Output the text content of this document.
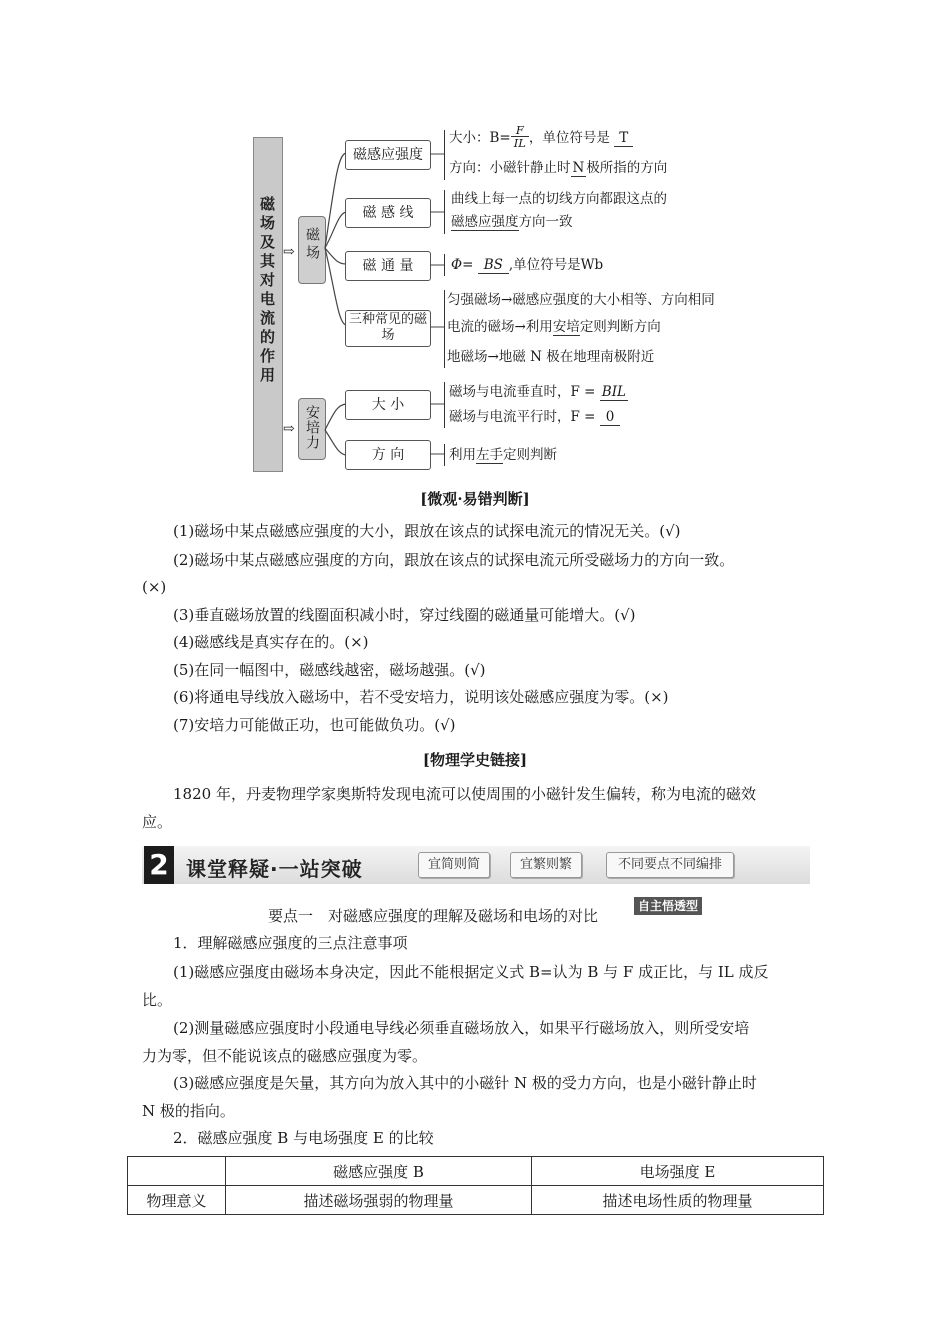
磁场及其对电流的作用 ⇨
⇨
磁场
安培力
磁感应强度
磁 感 线
磁 通 量
三种常见的磁场
大 小
方 向
大小：$B= \frac{F}{IL}$ ，单位符号是 T
方向：小磁针静止时 N 极所指的方向
曲线上每一点的切线方向都跟这点的
磁感应强度方向一致
Φ= BS ,单位符号是Wb
匀强磁场→磁感应强度的大小相等、方向相同
电流的磁场→利用安培定则判断方向
地磁场→地磁 N 极在地理南极附近
磁场与电流垂直时，F = BIL
磁场与电流平行时，F = 0
利用左手定则判断
[微观·易错判断]
(1)磁场中某点磁感应强度的大小，跟放在该点的试探电流元的情况无关。(√)
(2)磁场中某点磁感应强度的方向，跟放在该点的试探电流元所受磁场力的方向一致。
(×)
(3)垂直磁场放置的线圈面积减小时，穿过线圈的磁通量可能增大。(√)
(4)磁感线是真实存在的。(×)
(5)在同一幅图中，磁感线越密，磁场越强。(√)
(6)将通电导线放入磁场中，若不受安培力，说明该处磁感应强度为零。(×)
(7)安培力可能做正功，也可能做负功。(√)
[物理学史链接]
1820 年，丹麦物理学家奥斯特发现电流可以使周围的小磁针发生偏转，称为电流的磁效
应。
2 课堂释疑·一站突破	宜简则简	宜繁则繁	不同要点不同编排
要点一　对磁感应强度的理解及磁场和电场的对比
自主悟透型
1．理解磁感应强度的三点注意事项
(1)磁感应强度由磁场本身决定，因此不能根据定义式 B=认为 B 与 F 成正比，与 IL 成反
比。
(2)测量磁感应强度时小段通电导线必须垂直磁场放入，如果平行磁场放入，则所受安培
力为零，但不能说该点的磁感应强度为零。
(3)磁感应强度是矢量，其方向为放入其中的小磁针 N 极的受力方向，也是小磁针静止时
N 极的指向。
2．磁感应强度 B 与电场强度 E 的比较
	磁感应强度 B	电场强度 E
物理意义	描述磁场强弱的物理量	描述电场性质的物理量
